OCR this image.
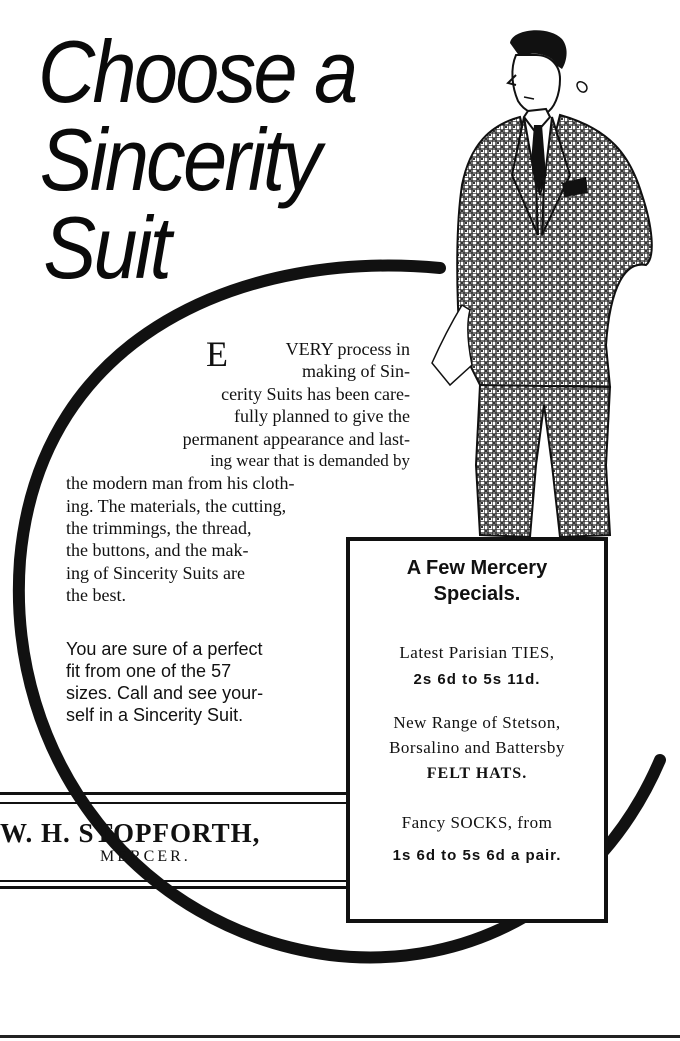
Choose a
Sincerity
Suit
E	VERY process in
making of Sin-
cerity Suits has been care-
fully planned to give the
permanent appearance and last-
ing wear that is demanded by
the modern man from his cloth-
ing. The materials, the cutting,
the trimmings, the thread,
the buttons, and the mak-
ing of Sincerity Suits are
the best.
You are sure of a perfect
fit from one of the 57
sizes. Call and see your-
self in a Sincerity Suit.
W. H. STOPFORTH,
MERCER.
A Few Mercery
Specials.
Latest Parisian TIES,
2s 6d to 5s 11d.
New Range of Stetson,
Borsalino and Battersby
FELT HATS.
Fancy SOCKS, from
1s 6d to 5s 6d a pair.
